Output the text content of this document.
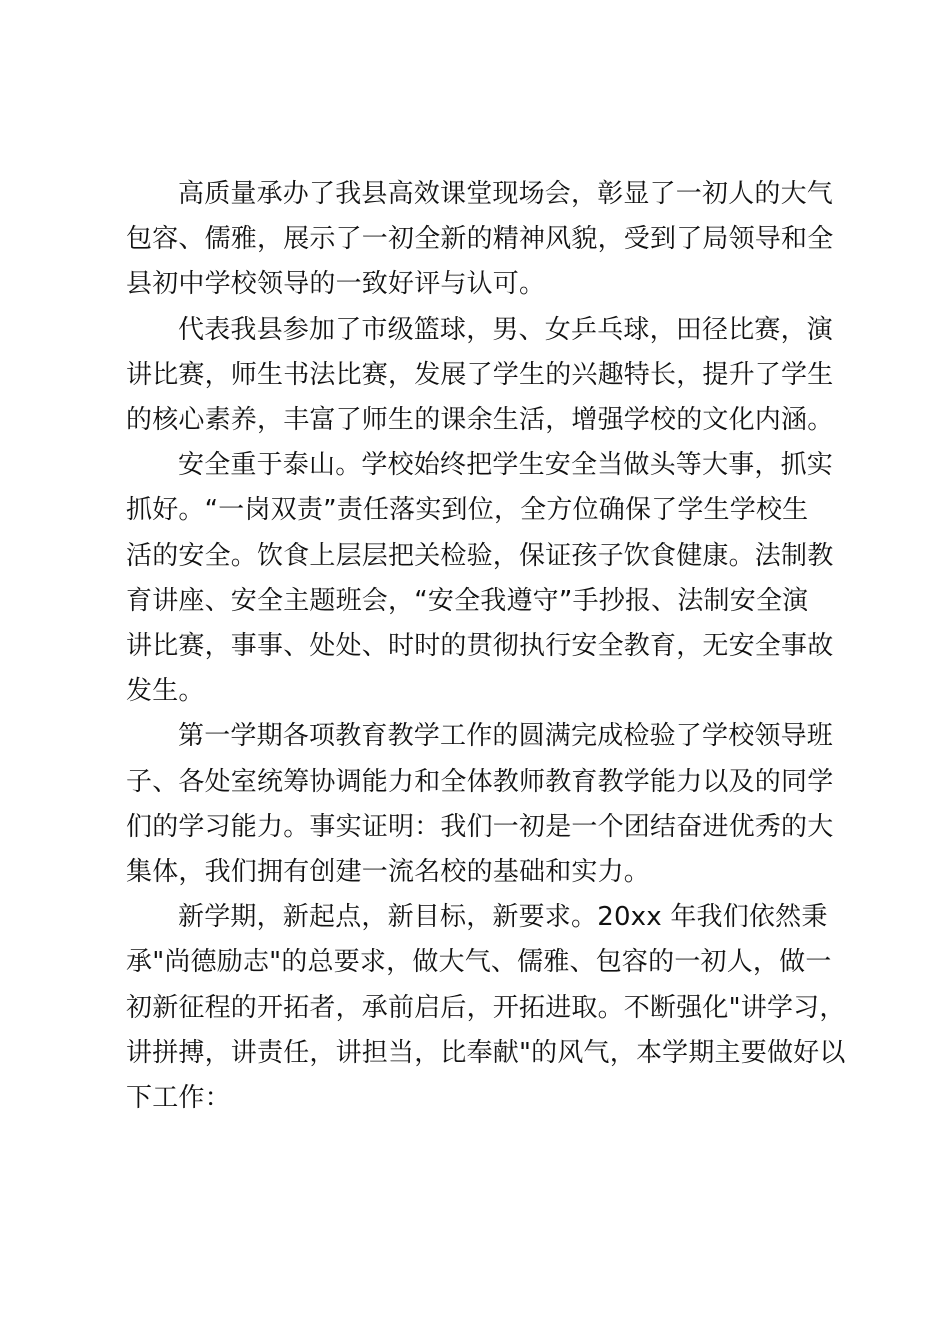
高质量承办了我县高效课堂现场会，彰显了一初人的大气
包容、儒雅，展示了一初全新的精神风貌，受到了局领导和全
县初中学校领导的一致好评与认可。

代表我县参加了市级篮球，男、女乒乓球，田径比赛，演
讲比赛，师生书法比赛，发展了学生的兴趣特长，提升了学生
的核心素养，丰富了师生的课余生活，增强学校的文化内涵。

安全重于泰山。学校始终把学生安全当做头等大事，抓实
抓好。“一岗双责”责任落实到位，全方位确保了学生学校生
活的安全。饮食上层层把关检验，保证孩子饮食健康。法制教
育讲座、安全主题班会，“安全我遵守”手抄报、法制安全演
讲比赛，事事、处处、时时的贯彻执行安全教育，无安全事故
发生。

第一学期各项教育教学工作的圆满完成检验了学校领导班
子、各处室统筹协调能力和全体教师教育教学能力以及的同学
们的学习能力。事实证明：我们一初是一个团结奋进优秀的大
集体，我们拥有创建一流名校的基础和实力。

新学期，新起点，新目标，新要求。20xx 年我们依然秉
承"尚德励志"的总要求，做大气、儒雅、包容的一初人，做一
初新征程的开拓者，承前启后，开拓进取。不断强化"讲学习，
讲拼搏，讲责任，讲担当，比奉献"的风气，本学期主要做好以
下工作：
